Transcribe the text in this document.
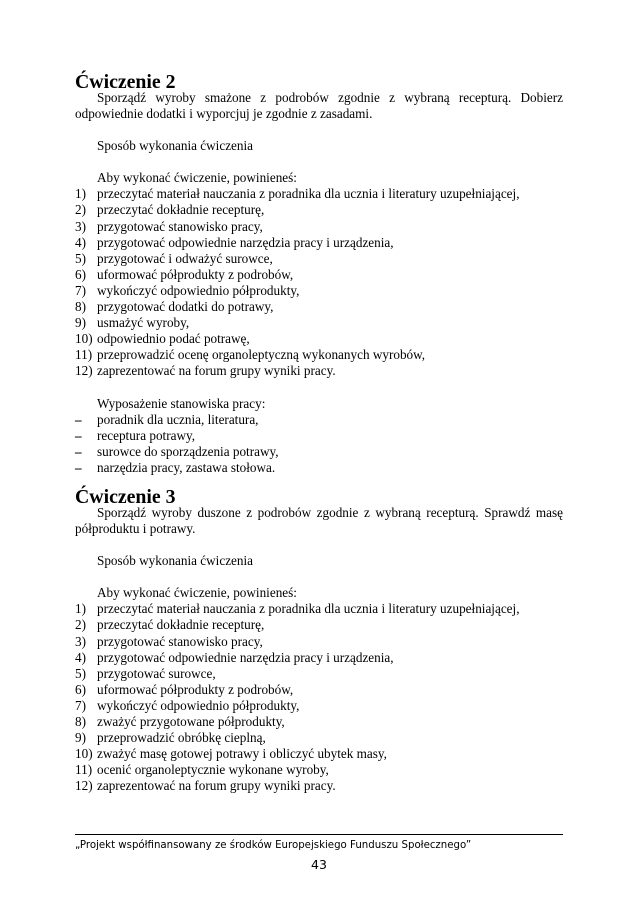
Ćwiczenie 2

Sporządź wyroby smażone z podrobów zgodnie z wybraną recepturą. Dobierz odpowiednie dodatki i wyporcjuj je zgodnie z zasadami.

Sposób wykonania ćwiczenia

Aby wykonać ćwiczenie, powinieneś:

1) przeczytać materiał nauczania z poradnika dla ucznia i literatury uzupełniającej,
2) przeczytać dokładnie recepturę,
3) przygotować stanowisko pracy,
4) przygotować odpowiednie narzędzia pracy i urządzenia,
5) przygotować i odważyć surowce,
6) uformować półprodukty z podrobów,
7) wykończyć odpowiednio półprodukty,
8) przygotować dodatki do potrawy,
9) usmażyć wyroby,
10) odpowiednio podać potrawę,
11) przeprowadzić ocenę organoleptyczną wykonanych wyrobów,
12) zaprezentować na forum grupy wyniki pracy.

Wyposażenie stanowiska pracy:

–	poradnik dla ucznia, literatura,
–	receptura potrawy,
–	surowce do sporządzenia potrawy,
–	narzędzia pracy, zastawa stołowa.
Ćwiczenie 3

Sporządź wyroby duszone z podrobów zgodnie z wybraną recepturą. Sprawdź masę półproduktu i potrawy.

Sposób wykonania ćwiczenia

Aby wykonać ćwiczenie, powinieneś:

1) przeczytać materiał nauczania z poradnika dla ucznia i literatury uzupełniającej,
2) przeczytać dokładnie recepturę,
3) przygotować stanowisko pracy,
4) przygotować odpowiednie narzędzia pracy i urządzenia,
5) przygotować surowce,
6) uformować półprodukty z podrobów,
7) wykończyć odpowiednio półprodukty,
8) zważyć przygotowane półprodukty,
9) przeprowadzić obróbkę cieplną,
10) zważyć masę gotowej potrawy i obliczyć ubytek masy,
11) ocenić organoleptycznie wykonane wyroby,
12) zaprezentować na forum grupy wyniki pracy.
„Projekt współfinansowany ze środków Europejskiego Funduszu Społecznego”
43
